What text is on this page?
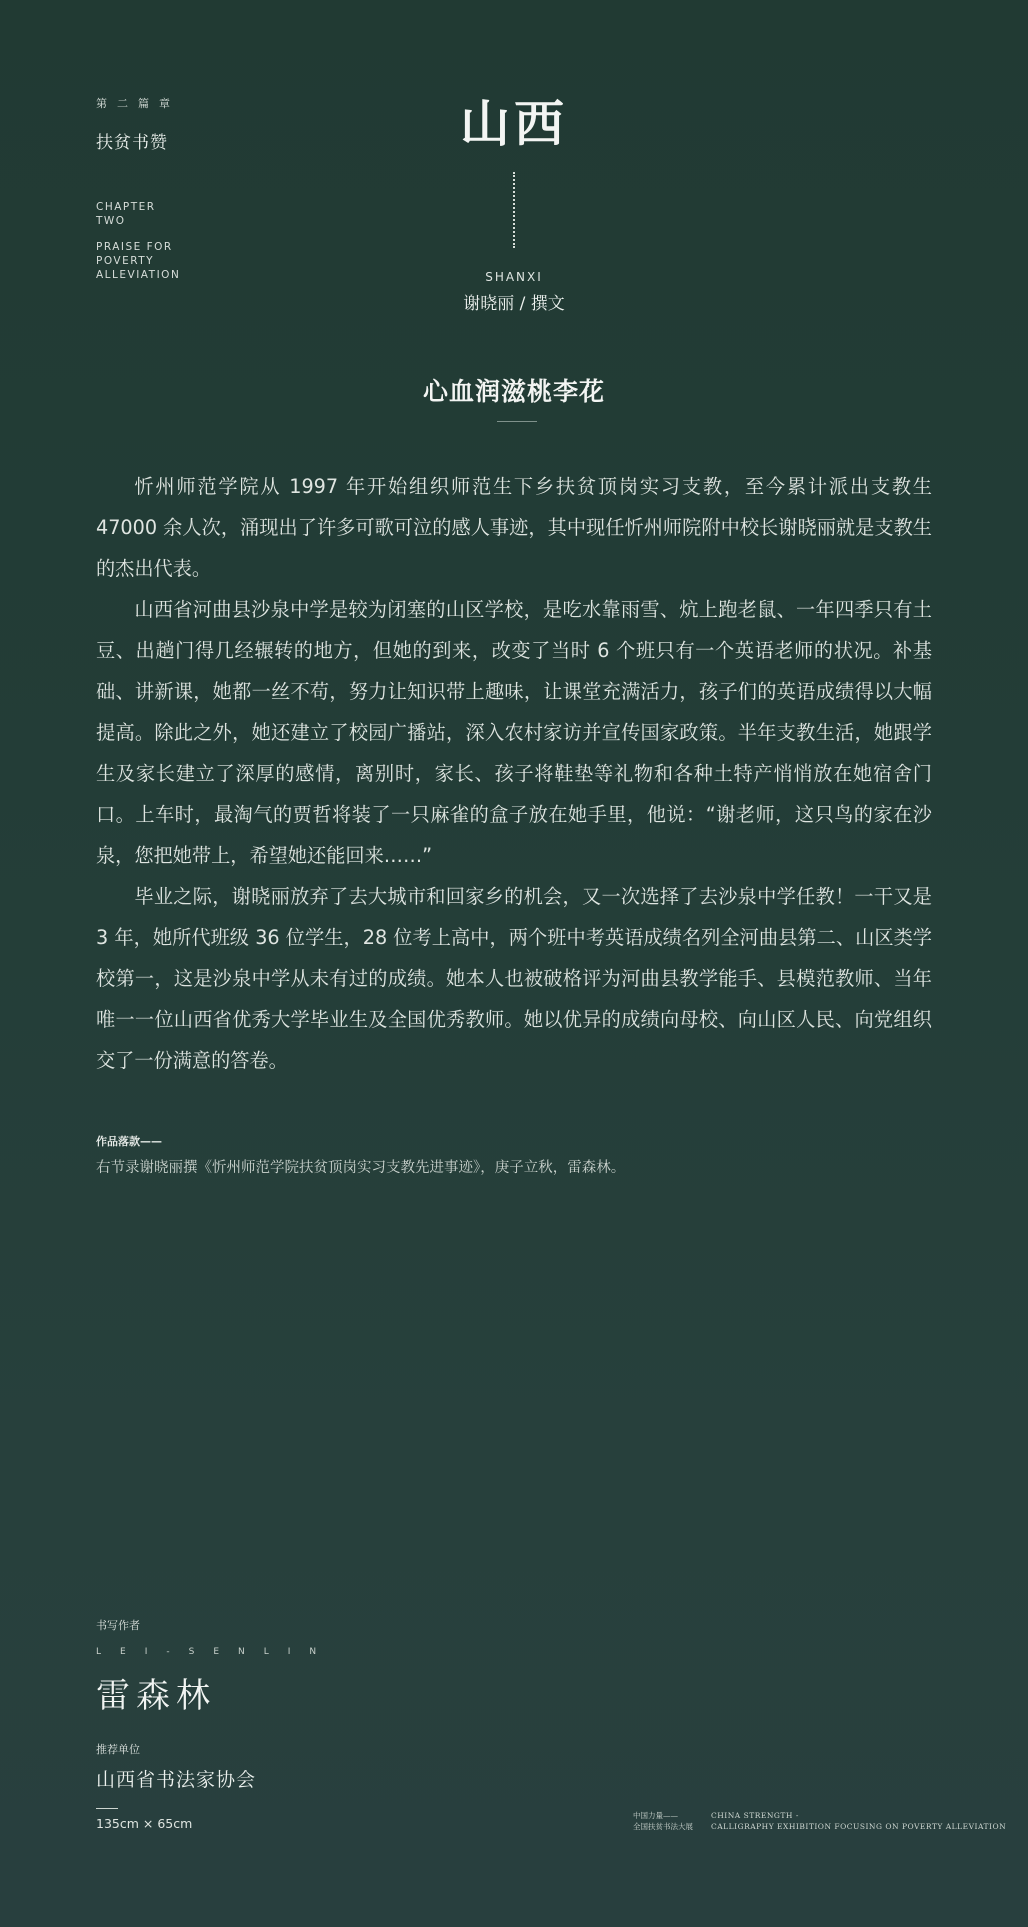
第二篇章
扶贫书赞
CHAPTER
TWO
PRAISE FOR
POVERTY
ALLEVIATION
山西
SHANXI
谢晓丽 / 撰文
心血润滋桃李花

忻州师范学院从 1997 年开始组织师范生下乡扶贫顶岗实习支教，至今累计派出支教生 47000 余人次，涌现出了许多可歌可泣的感人事迹，其中现任忻州师院附中校长谢晓丽就是支教生的杰出代表。

山西省河曲县沙泉中学是较为闭塞的山区学校，是吃水靠雨雪、炕上跑老鼠、一年四季只有土豆、出趟门得几经辗转的地方，但她的到来，改变了当时 6 个班只有一个英语老师的状况。补基础、讲新课，她都一丝不苟，努力让知识带上趣味，让课堂充满活力，孩子们的英语成绩得以大幅提高。除此之外，她还建立了校园广播站，深入农村家访并宣传国家政策。半年支教生活，她跟学生及家长建立了深厚的感情，离别时，家长、孩子将鞋垫等礼物和各种土特产悄悄放在她宿舍门口。上车时，最淘气的贾哲将装了一只麻雀的盒子放在她手里，他说：“谢老师，这只鸟的家在沙泉，您把她带上，希望她还能回来……”

毕业之际，谢晓丽放弃了去大城市和回家乡的机会，又一次选择了去沙泉中学任教！一干又是 3 年，她所代班级 36 位学生，28 位考上高中，两个班中考英语成绩名列全河曲县第二、山区类学校第一，这是沙泉中学从未有过的成绩。她本人也被破格评为河曲县教学能手、县模范教师、当年唯一一位山西省优秀大学毕业生及全国优秀教师。她以优异的成绩向母校、向山区人民、向党组织交了一份满意的答卷。

作品落款——
右节录谢晓丽撰《忻州师范学院扶贫顶岗实习支教先进事迹》，庚子立秋，雷森林。
书写作者
LEI-SENLIN
雷森林
推荐单位
山西省书法家协会
135cm × 65cm
中国力量——
全国扶贫书法大展
CHINA STRENGTH -
CALLIGRAPHY EXHIBITION FOCUSING ON POVERTY ALLEVIATION
